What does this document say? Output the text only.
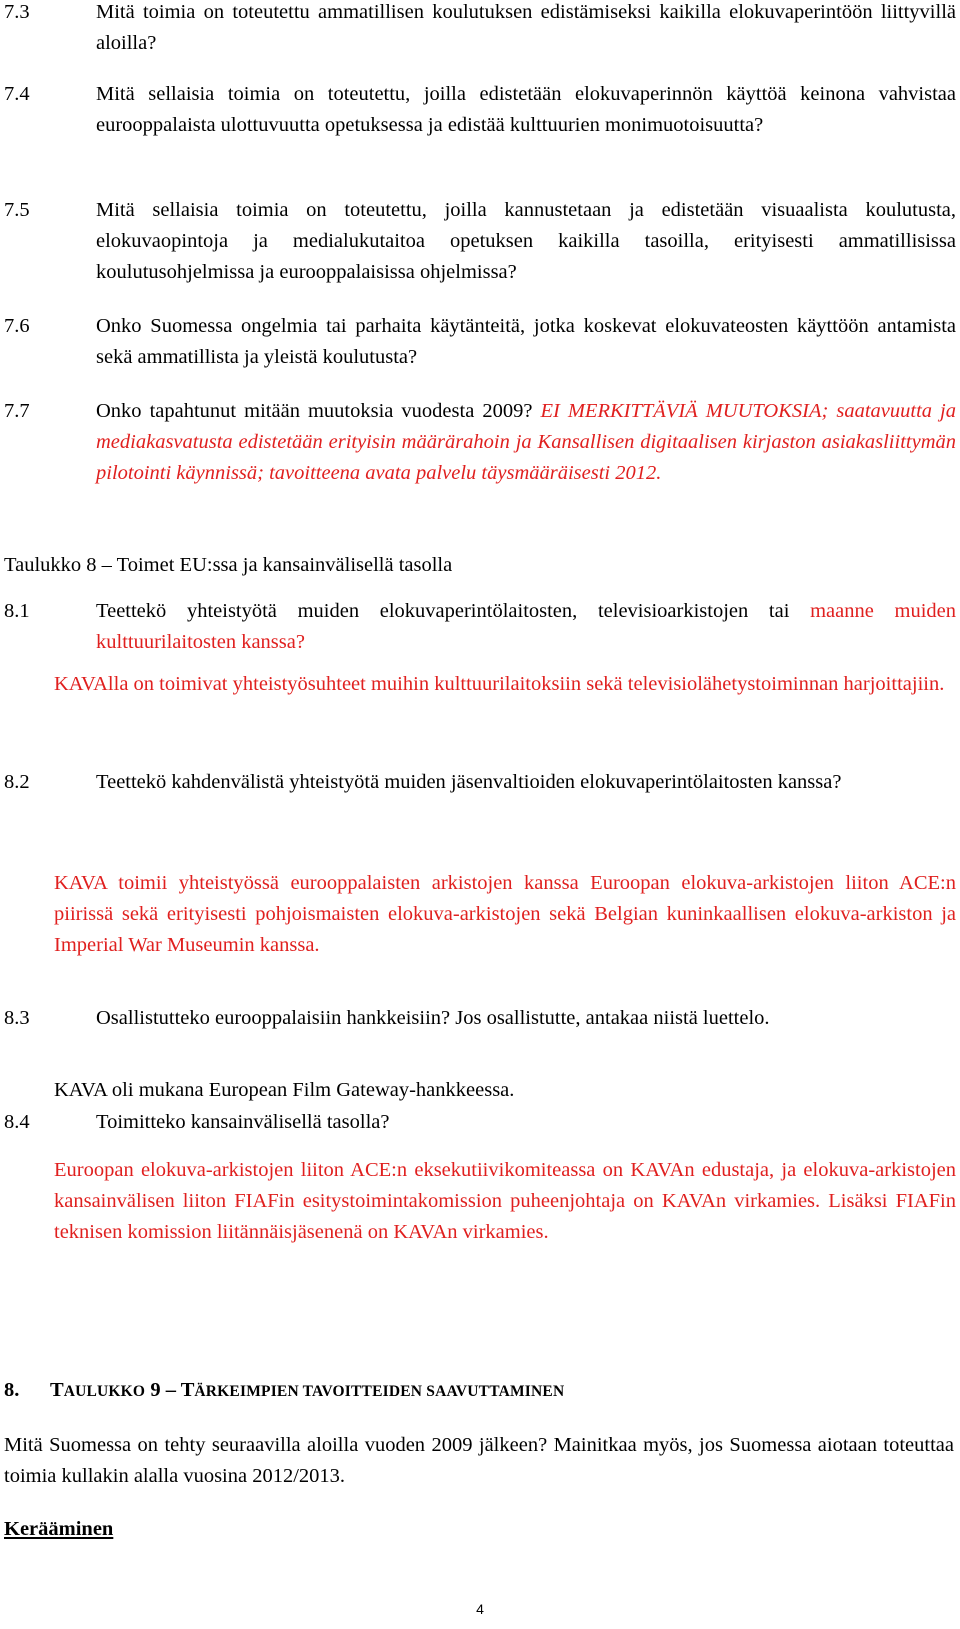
7.3	Mitä toimia on toteutettu ammatillisen koulutuksen edistämiseksi kaikilla elokuvaperintöön liittyvillä aloilla?
7.4	Mitä sellaisia toimia on toteutettu, joilla edistetään elokuvaperinnön käyttöä keinona vahvistaa eurooppalaista ulottuvuutta opetuksessa ja edistää kulttuurien monimuotoisuutta?
7.5	Mitä sellaisia toimia on toteutettu, joilla kannustetaan ja edistetään visuaalista koulutusta, elokuvaopintoja ja medialukutaitoa opetuksen kaikilla tasoilla, erityisesti ammatillisissa koulutusohjelmissa ja eurooppalaisissa ohjelmissa?
7.6	Onko Suomessa ongelmia tai parhaita käytänteitä, jotka koskevat elokuvateosten käyttöön antamista sekä ammatillista ja yleistä koulutusta?
7.7	Onko tapahtunut mitään muutoksia vuodesta 2009? EI MERKITTÄVIÄ MUUTOKSIA; saatavuutta ja mediakasvatusta edistetään erityisin määrärahoin ja Kansallisen digitaalisen kirjaston asiakasliittymän pilotointi käynnissä; tavoitteena avata palvelu täysmääräisesti 2012.
Taulukko 8 – Toimet EU:ssa ja kansainvälisellä tasolla
8.1	Teettekö yhteistyötä muiden elokuvaperintölaitosten, televisioarkistojen tai maanne muiden kulttuurilaitosten kanssa?
KAVAlla on toimivat yhteistyösuhteet muihin kulttuurilaitoksiin sekä televisiolähetystoiminnan harjoittajiin.
8.2	Teettekö kahdenvälistä yhteistyötä muiden jäsenvaltioiden elokuvaperintölaitosten kanssa?
KAVA toimii yhteistyössä eurooppalaisten arkistojen kanssa Euroopan elokuva-arkistojen liiton ACE:n piirissä sekä erityisesti pohjoismaisten elokuva-arkistojen sekä Belgian kuninkaallisen elokuva-arkiston ja Imperial War Museumin kanssa.
8.3	Osallistutteko eurooppalaisiin hankkeisiin? Jos osallistutte, antakaa niistä luettelo.
KAVA oli mukana European Film Gateway-hankkeessa.
8.4	Toimitteko kansainvälisellä tasolla?
Euroopan elokuva-arkistojen liiton ACE:n eksekutiivikomiteassa on KAVAn edustaja, ja elokuva-arkistojen kansainvälisen liiton FIAFin esitystoimintakomission puheenjohtaja on KAVAn virkamies. Lisäksi FIAFin teknisen komission liitännäisjäsenenä on KAVAn virkamies.
8. TAULUKKO 9 – TÄRKEIMPIEN TAVOITTEIDEN SAAVUTTAMINEN
Mitä Suomessa on tehty seuraavilla aloilla vuoden 2009 jälkeen? Mainitkaa myös, jos Suomessa aiotaan toteuttaa toimia kullakin alalla vuosina 2012/2013.
Kerääminen
4
